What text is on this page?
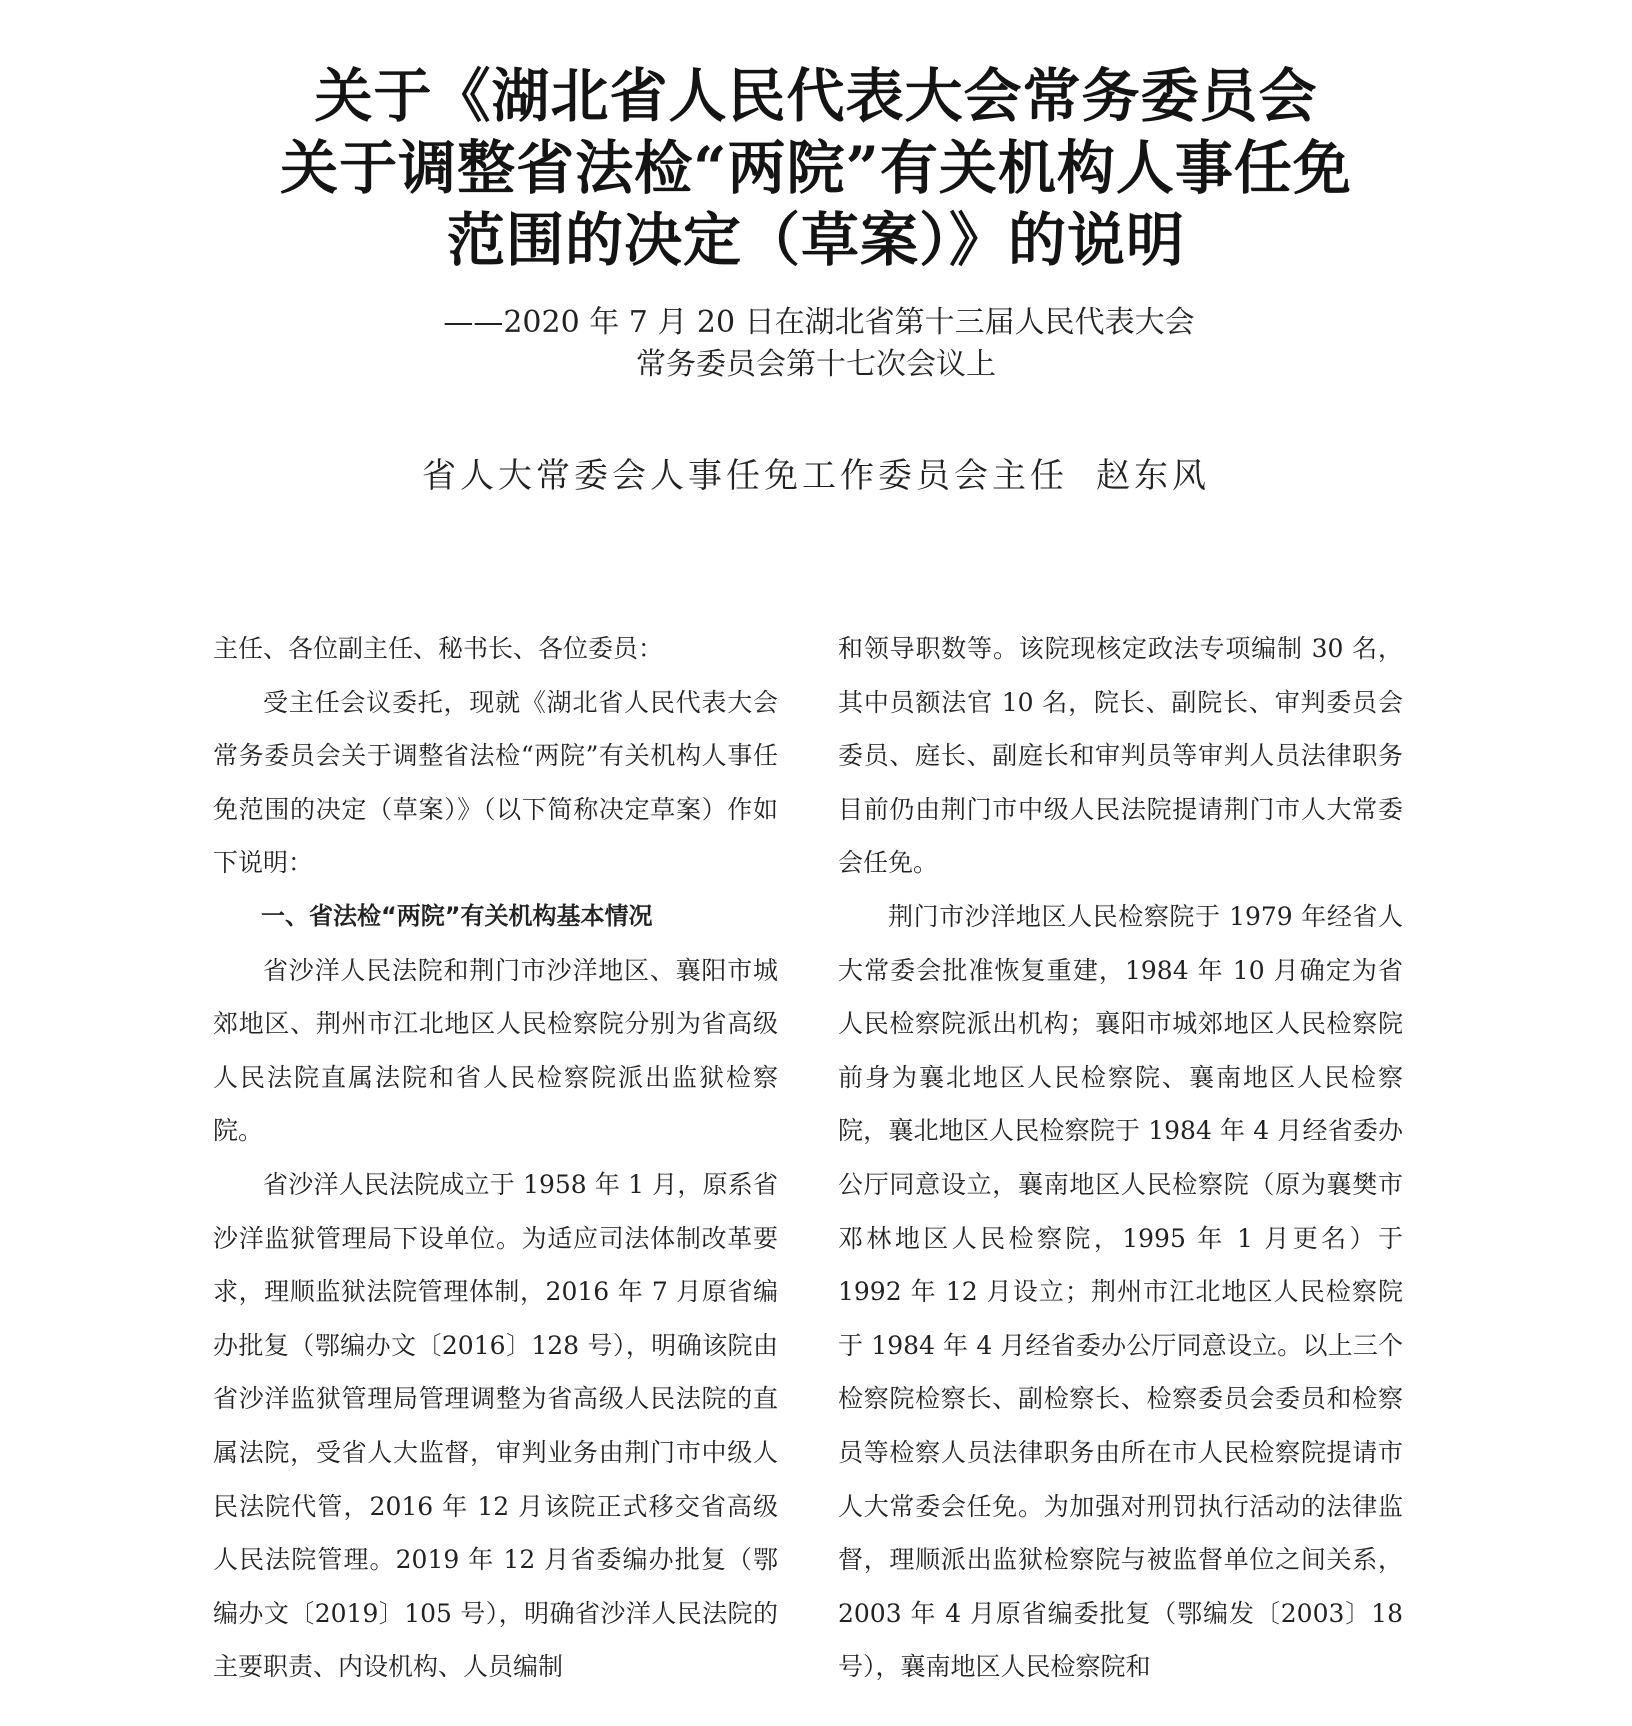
关于《湖北省人民代表大会常务委员会
关于调整省法检“两院”有关机构人事任免
范围的决定（草案）》的说明
——2020 年 7 月 20 日在湖北省第十三届人民代表大会
常务委员会第十七次会议上
省人大常委会人事任免工作委员会主任 赵东风

主任、各位副主任、秘书长、各位委员：

受主任会议委托，现就《湖北省人民代表大会常务委员会关于调整省法检“两院”有关机构人事任免范围的决定（草案）》（以下简称决定草案）作如下说明：

一、省法检“两院”有关机构基本情况

省沙洋人民法院和荆门市沙洋地区、襄阳市城郊地区、荆州市江北地区人民检察院分别为省高级人民法院直属法院和省人民检察院派出监狱检察院。

省沙洋人民法院成立于 1958 年 1 月，原系省沙洋监狱管理局下设单位。为适应司法体制改革要求，理顺监狱法院管理体制，2016 年 7 月原省编办批复（鄂编办文〔2016〕128 号），明确该院由省沙洋监狱管理局管理调整为省高级人民法院的直属法院，受省人大监督，审判业务由荆门市中级人民法院代管，2016 年 12 月该院正式移交省高级人民法院管理。2019 年 12 月省委编办批复（鄂编办文〔2019〕105 号），明确省沙洋人民法院的主要职责、内设机构、人员编制

和领导职数等。该院现核定政法专项编制 30 名，其中员额法官 10 名，院长、副院长、审判委员会委员、庭长、副庭长和审判员等审判人员法律职务目前仍由荆门市中级人民法院提请荆门市人大常委会任免。

荆门市沙洋地区人民检察院于 1979 年经省人大常委会批准恢复重建，1984 年 10 月确定为省人民检察院派出机构；襄阳市城郊地区人民检察院前身为襄北地区人民检察院、襄南地区人民检察院，襄北地区人民检察院于 1984 年 4 月经省委办公厅同意设立，襄南地区人民检察院（原为襄樊市邓林地区人民检察院，1995 年 1 月更名）于 1992 年 12 月设立；荆州市江北地区人民检察院于 1984 年 4 月经省委办公厅同意设立。以上三个检察院检察长、副检察长、检察委员会委员和检察员等检察人员法律职务由所在市人民检察院提请市人大常委会任免。为加强对刑罚执行活动的法律监督，理顺派出监狱检察院与被监督单位之间关系，2003 年 4 月原省编委批复（鄂编发〔2003〕18 号），襄南地区人民检察院和
